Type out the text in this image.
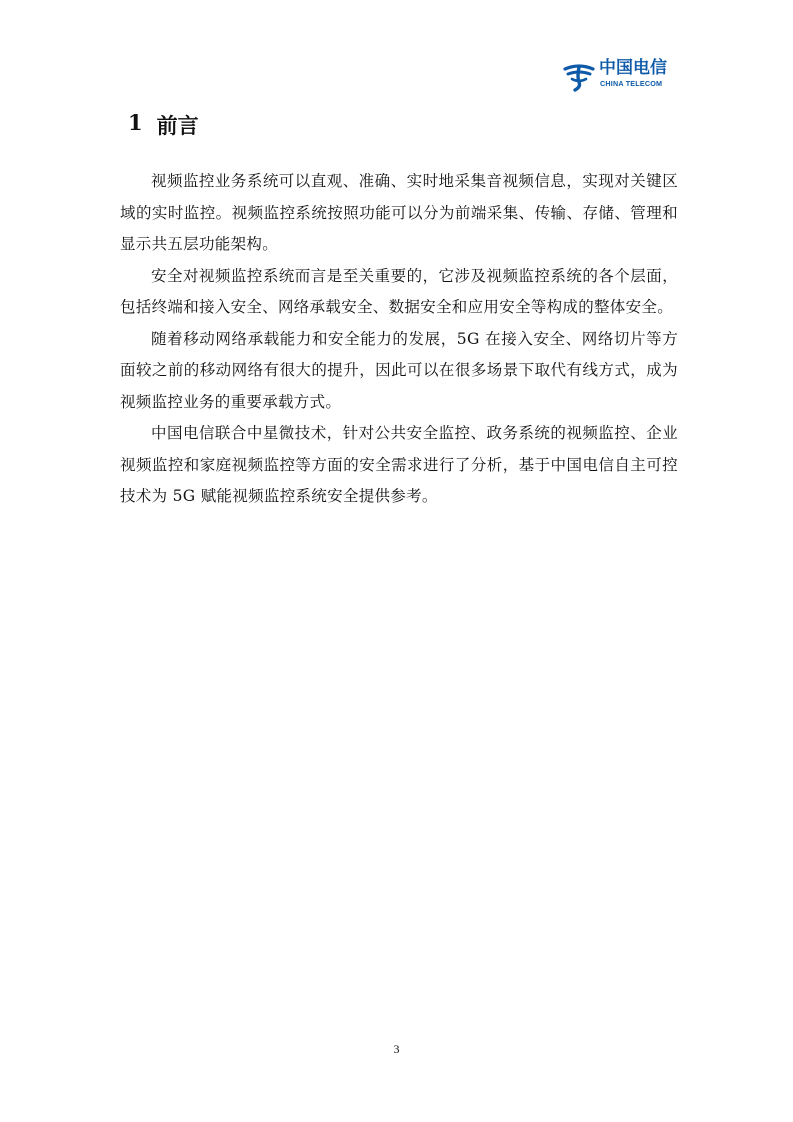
中国电信
CHINA TELECOM
1 前言

视频监控业务系统可以直观、准确、实时地采集音视频信息，实现对关键区域的实时监控。视频监控系统按照功能可以分为前端采集、传输、存储、管理和显示共五层功能架构。

安全对视频监控系统而言是至关重要的，它涉及视频监控系统的各个层面，包括终端和接入安全、网络承载安全、数据安全和应用安全等构成的整体安全。

随着移动网络承载能力和安全能力的发展，5G 在接入安全、网络切片等方面较之前的移动网络有很大的提升，因此可以在很多场景下取代有线方式，成为视频监控业务的重要承载方式。

中国电信联合中星微技术，针对公共安全监控、政务系统的视频监控、企业视频监控和家庭视频监控等方面的安全需求进行了分析，基于中国电信自主可控技术为 5G 赋能视频监控系统安全提供参考。

3
